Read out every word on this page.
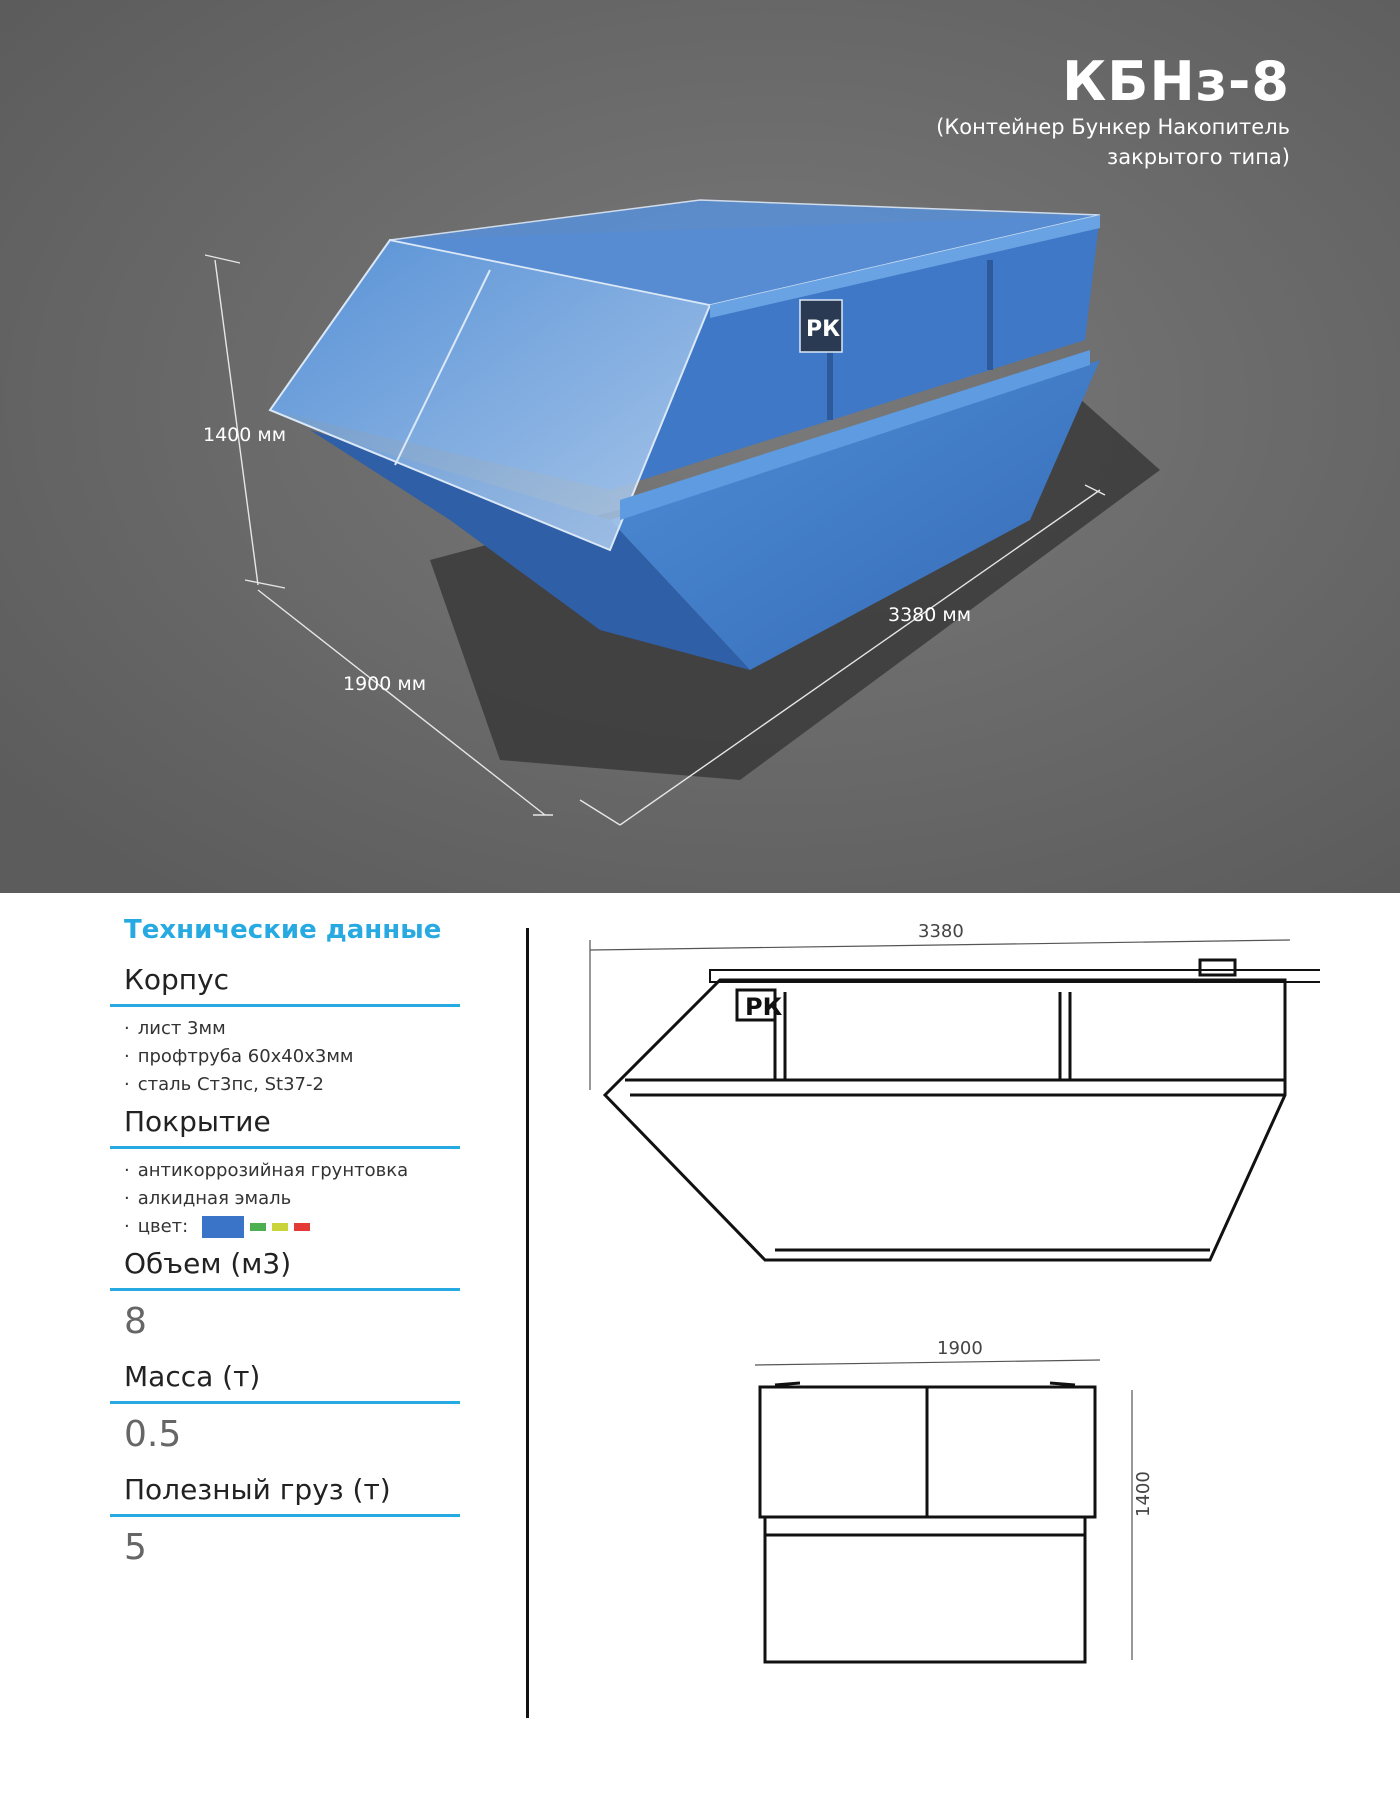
РК
КБНз-8
(Контейнер Бункер Накопитель
закрытого типа)
1400 мм
1900 мм
3380 мм
Технические данные
Корпус
· лист 3мм
· профтруба 60х40х3мм
· сталь Ст3пс, St37-2
Покрытие
· антикоррозийная грунтовка
· алкидная эмаль
· цвет:
Объем (м3)
8
Масса (т)
0.5
Полезный груз (т)
5
РК
3380
1900
1400
